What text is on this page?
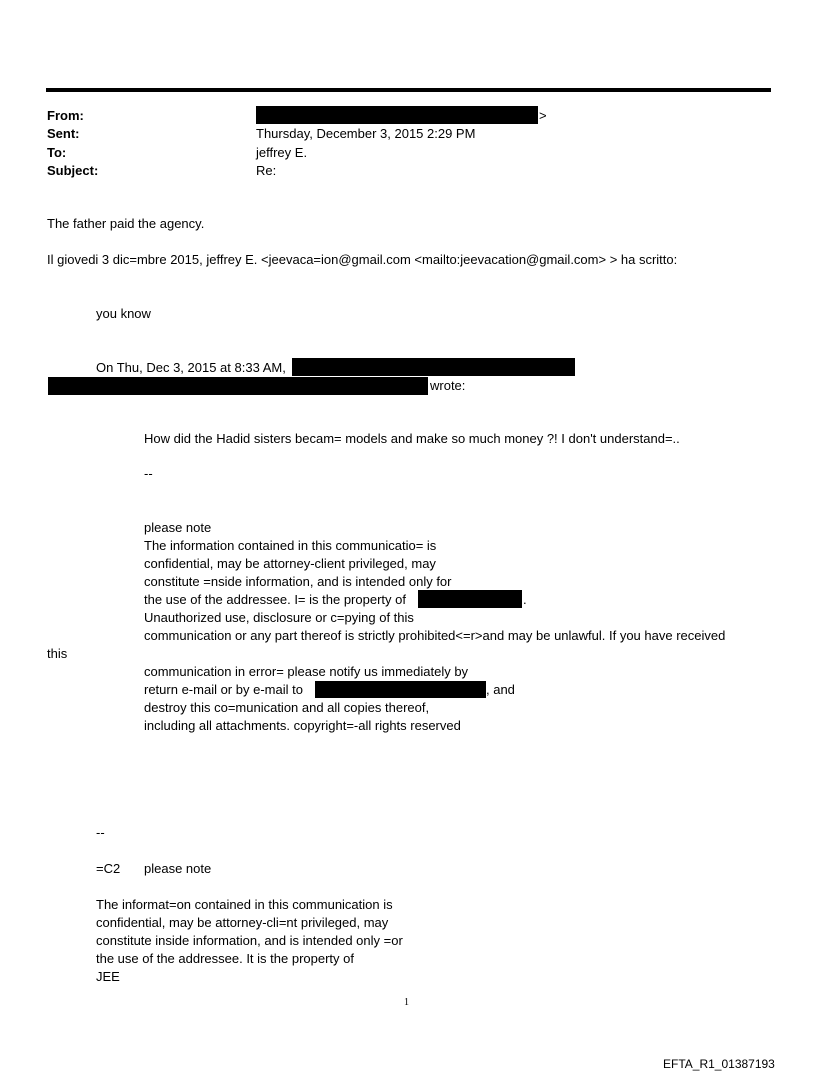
From:	>
Sent:	Thursday, December 3, 2015 2:29 PM
To:	jeffrey E.
Subject:	Re:
The father paid the agency.
Il giovedi 3 dic=mbre 2015, jeffrey E. <jeevaca=ion@gmail.com <mailto:jeevacation@gmail.com> > ha scritto:
you know
On Thu, Dec 3, 2015 at 8:33 AM,
wrote:
How did the Hadid sisters becam= models and make so much money ?! I don't understand=..
--
please note
The information contained in this communicatio= is
confidential, may be attorney-client privileged, may
constitute =nside information, and is intended only for
the use of the addressee. I= is the property of	.
Unauthorized use, disclosure or c=pying of this
communication or any part thereof is strictly prohibited<=r>and may be unlawful. If you have received
this
communication in error= please notify us immediately by
return e-mail or by e-mail to	, and
destroy this co=munication and all copies thereof,
including all attachments. copyright=-all rights reserved
--
=C2 please note
The informat=on contained in this communication is
confidential, may be attorney-cli=nt privileged, may
constitute inside information, and is intended only =or
the use of the addressee. It is the property of
JEE
1
EFTA_R1_01387193
